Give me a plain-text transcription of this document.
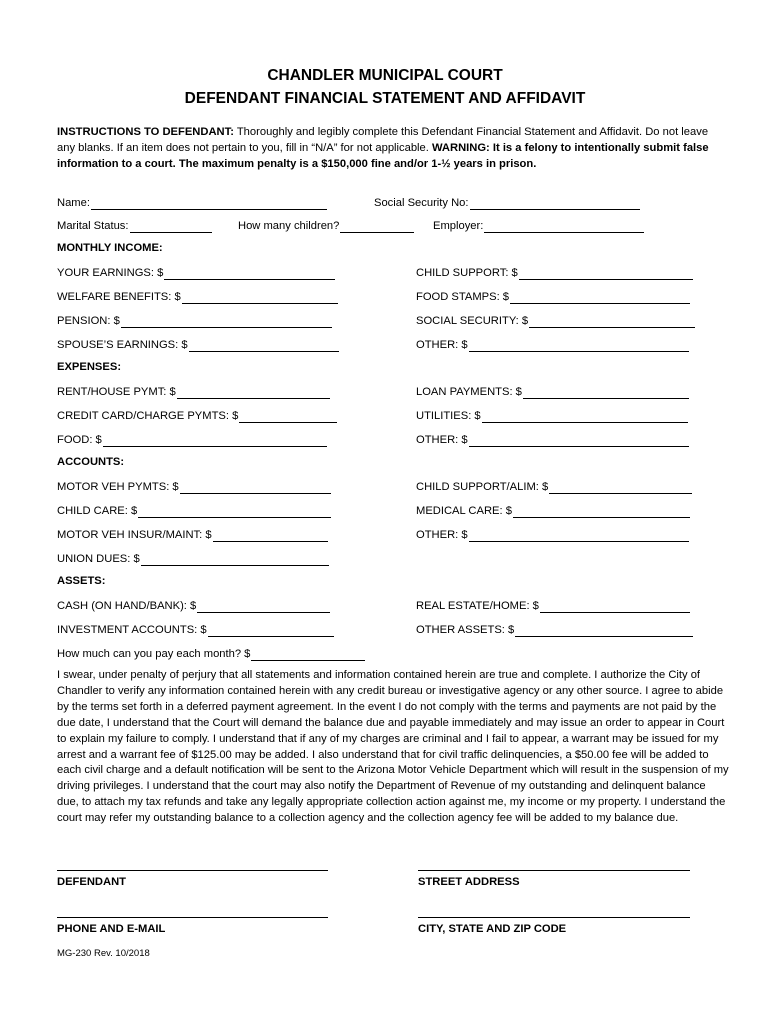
CHANDLER MUNICIPAL COURT
DEFENDANT FINANCIAL STATEMENT AND AFFIDAVIT
INSTRUCTIONS TO DEFENDANT: Thoroughly and legibly complete this Defendant Financial Statement and Affidavit. Do not leave any blanks. If an item does not pertain to you, fill in “N/A” for not applicable. WARNING: It is a felony to intentionally submit false information to a court. The maximum penalty is a $150,000 fine and/or 1-½ years in prison.
Name:	Social Security No:
Marital Status:	How many children?	Employer:
MONTHLY INCOME:
YOUR EARNINGS: $	CHILD SUPPORT: $
WELFARE BENEFITS: $	FOOD STAMPS: $
PENSION: $	SOCIAL SECURITY: $
SPOUSE’S EARNINGS: $	OTHER: $
EXPENSES:
RENT/HOUSE PYMT: $	LOAN PAYMENTS: $
CREDIT CARD/CHARGE PYMTS: $	UTILITIES: $
FOOD: $	OTHER: $
ACCOUNTS:
MOTOR VEH PYMTS: $	CHILD SUPPORT/ALIM: $
CHILD CARE: $	MEDICAL CARE: $
MOTOR VEH INSUR/MAINT: $	OTHER: $
UNION DUES: $
ASSETS:
CASH (ON HAND/BANK): $	REAL ESTATE/HOME: $
INVESTMENT ACCOUNTS: $	OTHER ASSETS: $
How much can you pay each month? $
I swear, under penalty of perjury that all statements and information contained herein are true and complete. I authorize the City of Chandler to verify any information contained herein with any credit bureau or investigative agency or any other source. I agree to abide by the terms set forth in a deferred payment agreement. In the event I do not comply with the terms and payments are not paid by the due date, I understand that the Court will demand the balance due and payable immediately and may issue an order to appear in Court to explain my failure to comply. I understand that if any of my charges are criminal and I fail to appear, a warrant may be issued for my arrest and a warrant fee of $125.00 may be added. I also understand that for civil traffic delinquencies, a $50.00 fee will be added to each civil charge and a default notification will be sent to the Arizona Motor Vehicle Department which will result in the suspension of my driving privileges. I understand that the court may also notify the Department of Revenue of my outstanding and delinquent balance due, to attach my tax refunds and take any legally appropriate collection action against me, my income or my property. I understand the court may refer my outstanding balance to a collection agency and the collection agency fee will be added to my balance due.
DEFENDANT	STREET ADDRESS
PHONE AND E-MAIL	CITY, STATE AND ZIP CODE
MG-230 Rev. 10/2018
